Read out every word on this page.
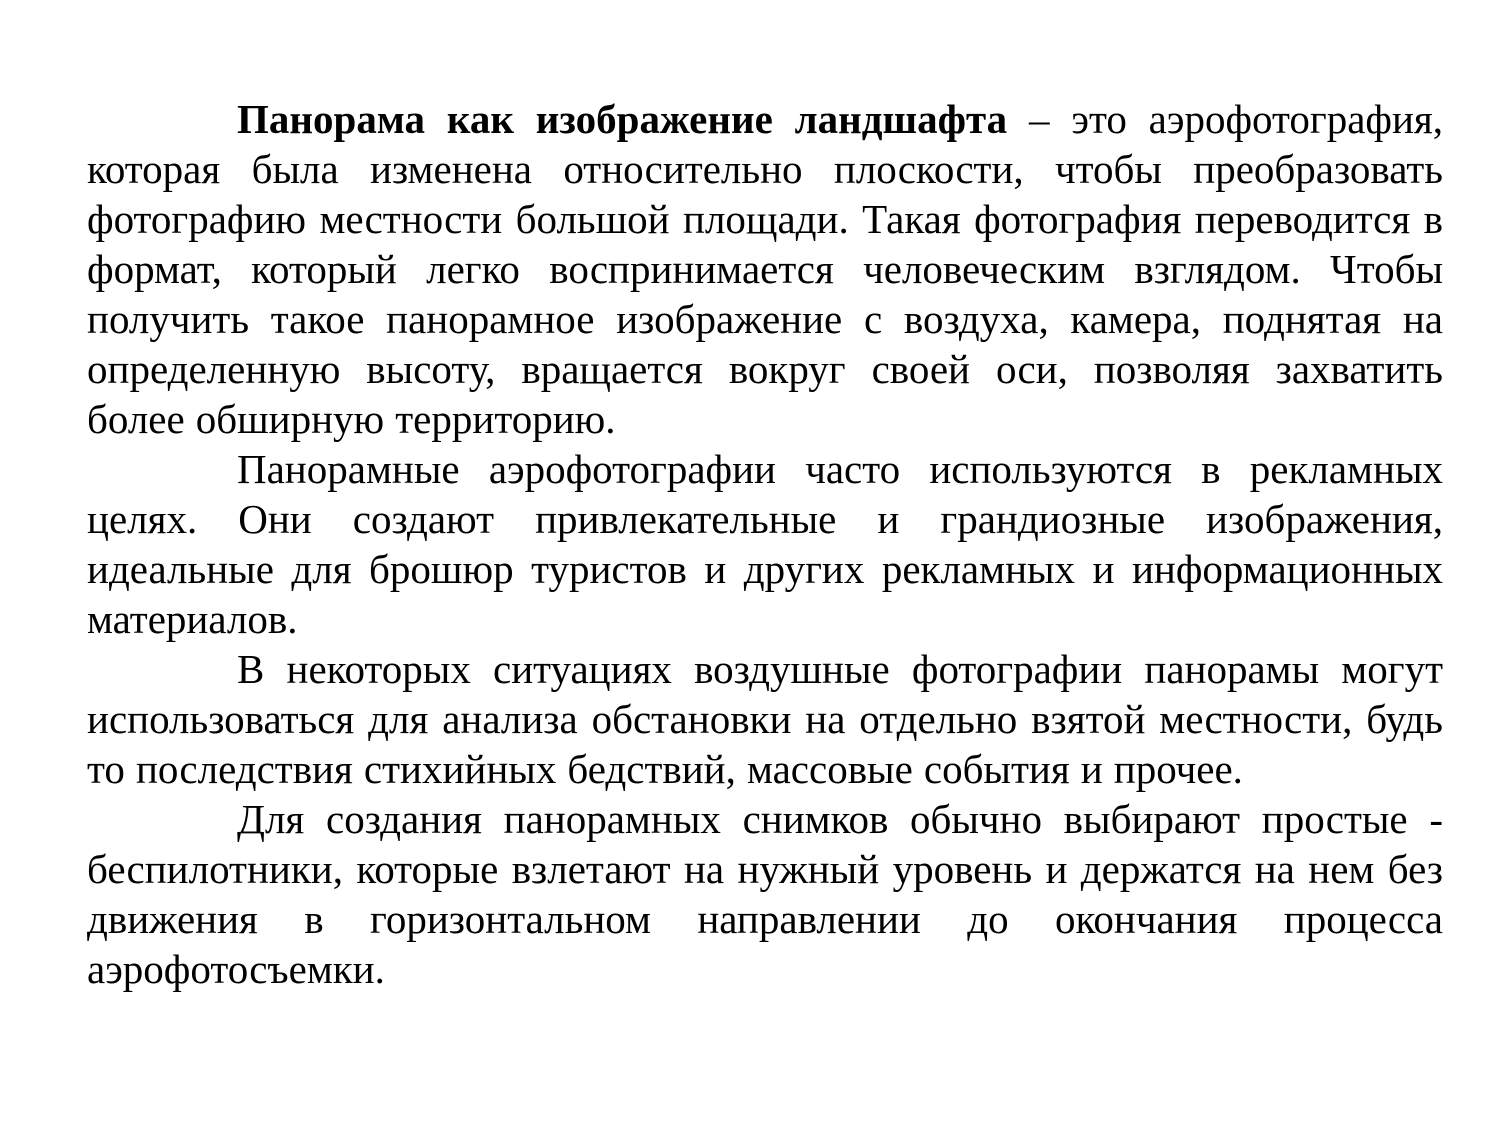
Панорама как изображение ландшафта – это аэрофотография, которая была изменена относительно плоскости, чтобы преобразовать фотографию местности большой площади. Такая фотография переводится в формат, который легко воспринимается человеческим взглядом. Чтобы получить такое панорамное изображение с воздуха, камера, поднятая на определенную высоту, вращается вокруг своей оси, позволяя захватить более обширную территорию.

Панорамные аэрофотографии часто используются в рекламных целях. Они создают привлекательные и грандиозные изображения, идеальные для брошюр туристов и других рекламных и информационных материалов.

В некоторых ситуациях воздушные фотографии панорамы могут использоваться для анализа обстановки на отдельно взятой местности, будь то последствия стихийных бедствий, массовые события и прочее.

Для создания панорамных снимков обычно выбирают простые - беспилотники, которые взлетают на нужный уровень и держатся на нем без движения в горизонтальном направлении до окончания процесса аэрофотосъемки.
